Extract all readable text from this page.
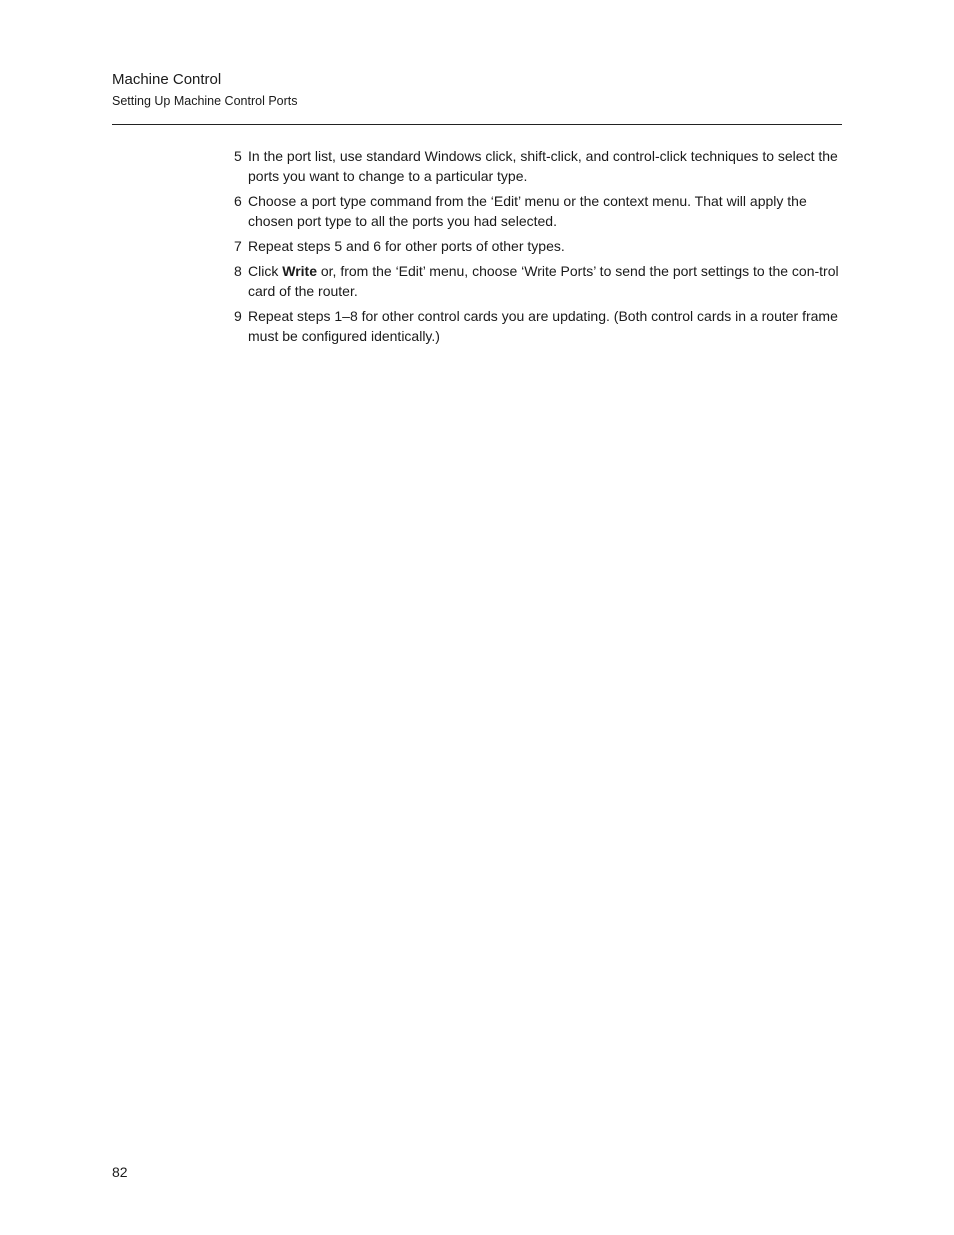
Machine Control
Setting Up Machine Control Ports
5 In the port list, use standard Windows click, shift-click, and control-click techniques to select the ports you want to change to a particular type.
6 Choose a port type command from the ‘Edit’ menu or the context menu. That will apply the chosen port type to all the ports you had selected.
7 Repeat steps 5 and 6 for other ports of other types.
8 Click Write or, from the ‘Edit’ menu, choose ‘Write Ports’ to send the port settings to the con-trol card of the router.
9 Repeat steps 1–8 for other control cards you are updating. (Both control cards in a router frame must be configured identically.)
82
